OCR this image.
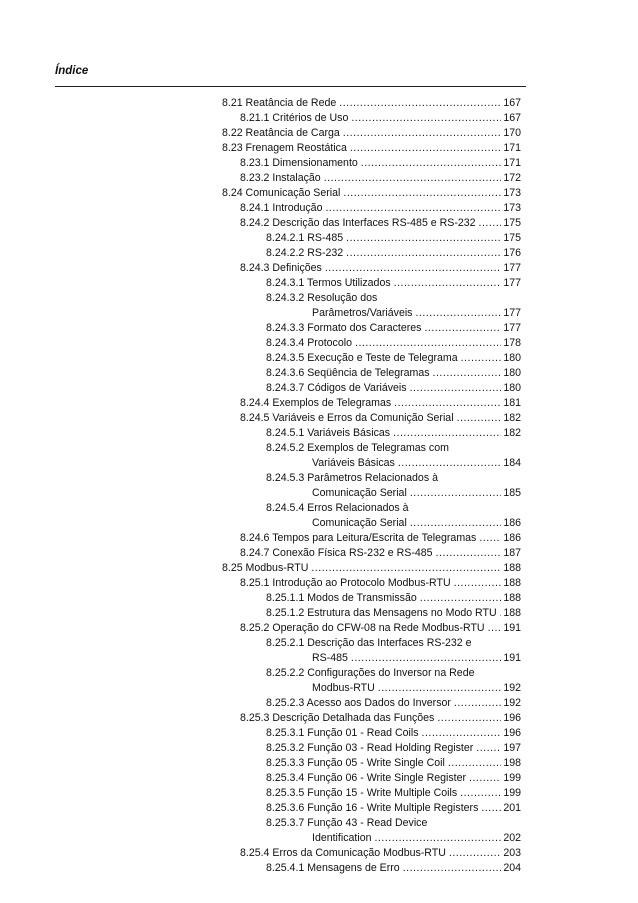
Índice
8.21 Reatância de Rede .....	167
8.21.1 Critérios de Uso .....	167
8.22 Reatância de Carga .....	170
8.23 Frenagem Reostática .....	171
8.23.1 Dimensionamento .....	171
8.23.2 Instalação .....	172
8.24 Comunicação Serial .....	173
8.24.1 Introdução .....	173
8.24.2 Descrição das Interfaces RS-485 e RS-232 .....	175
8.24.2.1 RS-485 .....	175
8.24.2.2 RS-232 .....	176
8.24.3 Definições .....	177
8.24.3.1 Termos Utilizados .....	177
8.24.3.2 Resolução dos
Parâmetros/Variáveis .....	177
8.24.3.3 Formato dos Caracteres .....	177
8.24.3.4 Protocolo .....	178
8.24.3.5 Execução e Teste de Telegrama .....	180
8.24.3.6 Seqüência de Telegramas .....	180
8.24.3.7 Códigos de Variáveis .....	180
8.24.4 Exemplos de Telegramas .....	181
8.24.5 Variáveis e Erros da Comunição Serial .....	182
8.24.5.1 Variáveis Básicas .....	182
8.24.5.2 Exemplos de Telegramas com
Variáveis Básicas .....	184
8.24.5.3 Parâmetros Relacionados à
Comunicação Serial .....	185
8.24.5.4 Erros Relacionados à
Comunicação Serial .....	186
8.24.6 Tempos para Leitura/Escrita de Telegramas .....	186
8.24.7 Conexão Física RS-232 e RS-485 .....	187
8.25 Modbus-RTU .....	188
8.25.1 Introdução ao Protocolo Modbus-RTU .....	188
8.25.1.1 Modos de Transmissão .....	188
8.25.1.2 Estrutura das Mensagens no Modo RTU ..... 188
8.25.2 Operação do CFW-08 na Rede Modbus-RTU ..... 191
8.25.2.1 Descrição das Interfaces RS-232 e
RS-485 .....	191
8.25.2.2 Configurações do Inversor na Rede
Modbus-RTU .....	192
8.25.2.3 Acesso aos Dados do Inversor .....	192
8.25.3 Descrição Detalhada das Funções .....	196
8.25.3.1 Função 01 - Read Coils .....	196
8.25.3.2 Função 03 - Read Holding Register .....	197
8.25.3.3 Função 05 - Write Single Coil .....	198
8.25.3.4 Função 06 - Write Single Register .....	199
8.25.3.5 Função 15 - Write Multiple Coils .....	199
8.25.3.6 Função 16 - Write Multiple Registers ..... 201
8.25.3.7 Função 43 - Read Device
Identification .....	202
8.25.4 Erros da Comunicação Modbus-RTU .....	203
8.25.4.1 Mensagens de Erro .....	204
